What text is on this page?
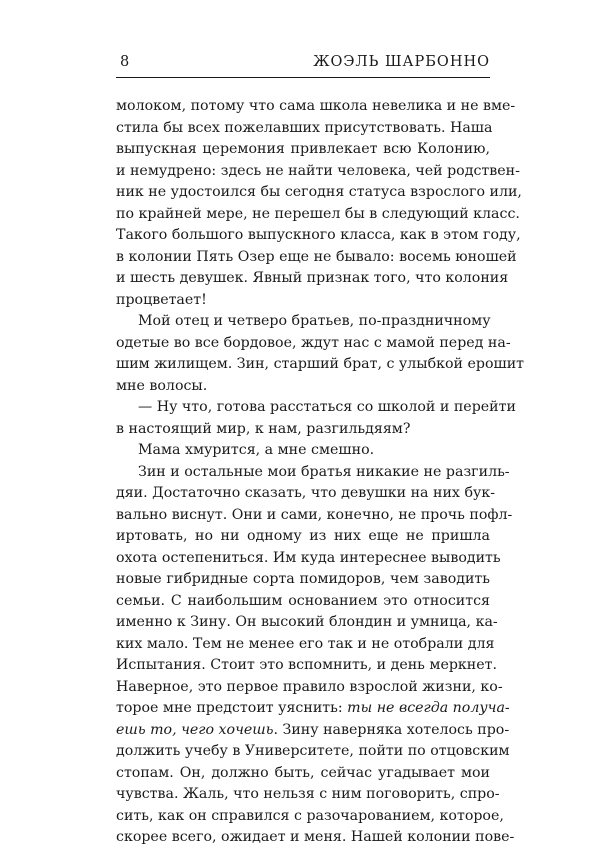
8	ЖОЭЛЬ ШАРБОННО
молоком, потому что сама школа невелика и не вме-
стила бы всех пожелавших присутствовать. Наша
выпускная церемония привлекает всю Колонию,
и немудрено: здесь не найти человека, чей родствен-
ник не удостоился бы сегодня статуса взрослого или,
по крайней мере, не перешел бы в следующий класс.
Такого большого выпускного класса, как в этом году,
в колонии Пять Озер еще не бывало: восемь юношей
и шесть девушек. Явный признак того, что колония
процветает!
Мой отец и четверо братьев, по-праздничному
одетые во все бордовое, ждут нас с мамой перед на-
шим жилищем. Зин, старший брат, с улыбкой ерошит
мне волосы.
— Ну что, готова расстаться со школой и перейти
в настоящий мир, к нам, разгильдяям?
Мама хмурится, а мне смешно.
Зин и остальные мои братья никакие не разгиль-
дяи. Достаточно сказать, что девушки на них бук-
вально виснут. Они и сами, конечно, не прочь пофл-
иртовать, но ни одному из них еще не пришла
охота остепениться. Им куда интереснее выводить
новые гибридные сорта помидоров, чем заводить
семьи. С наибольшим основанием это относится
именно к Зину. Он высокий блондин и умница, ка-
ких мало. Тем не менее его так и не отобрали для
Испытания. Стоит это вспомнить, и день меркнет.
Наверное, это первое правило взрослой жизни, ко-
торое мне предстоит уяснить: ты не всегда получа-
ешь то, чего хочешь. Зину наверняка хотелось про-
должить учебу в Университете, пойти по отцовским
стопам. Он, должно быть, сейчас угадывает мои
чувства. Жаль, что нельзя с ним поговорить, спро-
сить, как он справился с разочарованием, которое,
скорее всего, ожидает и меня. Нашей колонии пове-
